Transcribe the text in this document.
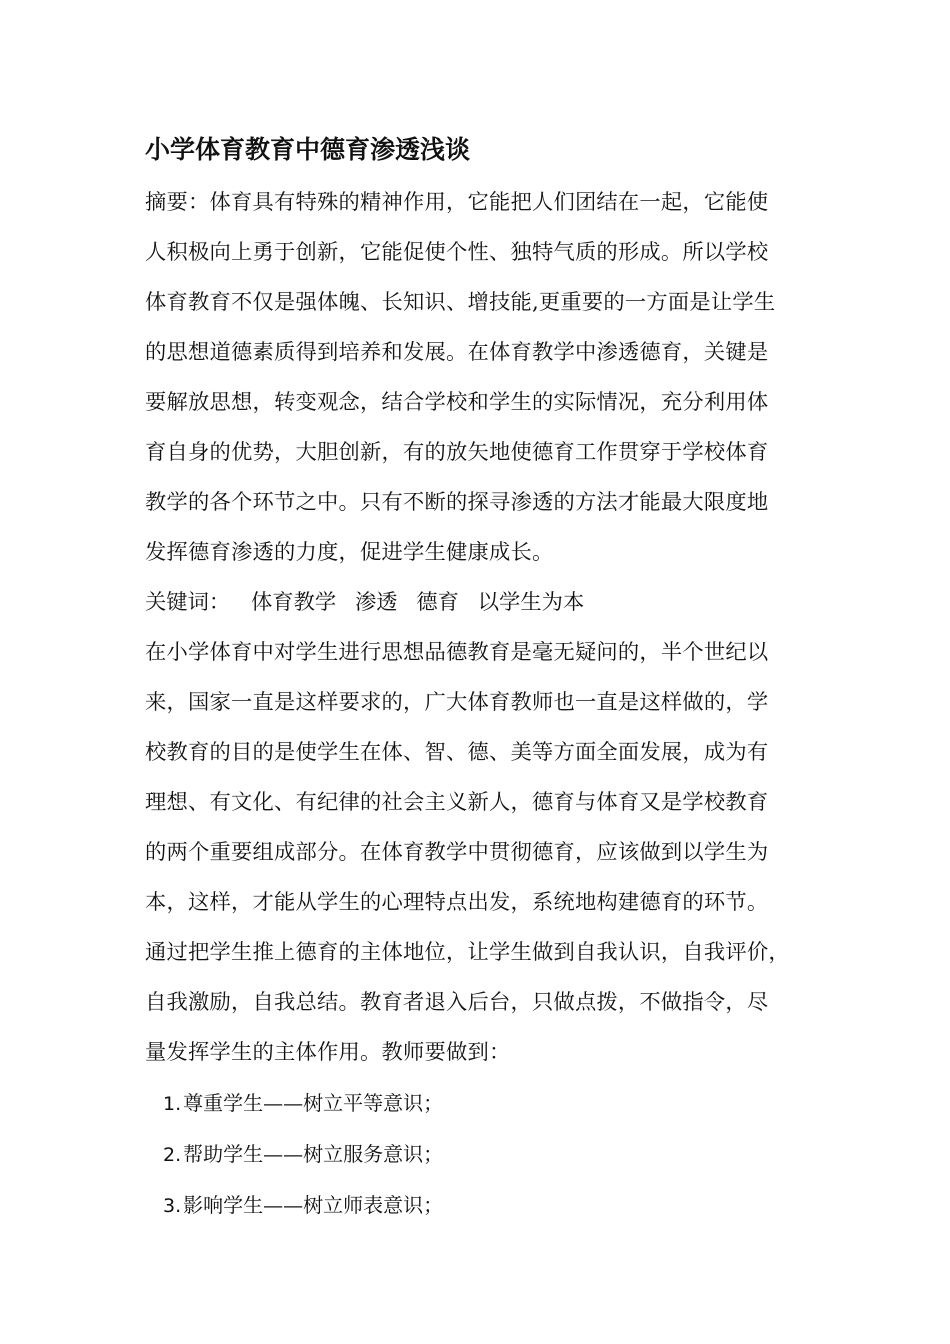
小学体育教育中德育渗透浅谈

摘要：体育具有特殊的精神作用，它能把人们团结在一起，它能使
人积极向上勇于创新，它能促使个性、独特气质的形成。所以学校
体育教育不仅是强体魄、长知识、增技能,更重要的一方面是让学生
的思想道德素质得到培养和发展。在体育教学中渗透德育，关键是
要解放思想，转变观念，结合学校和学生的实际情况，充分利用体
育自身的优势，大胆创新，有的放矢地使德育工作贯穿于学校体育
教学的各个环节之中。只有不断的探寻渗透的方法才能最大限度地
发挥德育渗透的力度，促进学生健康成长。

关键词： 体育教学 渗透 德育 以学生为本

在小学体育中对学生进行思想品德教育是毫无疑问的，半个世纪以
来，国家一直是这样要求的，广大体育教师也一直是这样做的，学
校教育的目的是使学生在体、智、德、美等方面全面发展，成为有
理想、有文化、有纪律的社会主义新人，德育与体育又是学校教育
的两个重要组成部分。在体育教学中贯彻德育，应该做到以学生为
本，这样，才能从学生的心理特点出发，系统地构建德育的环节。
通过把学生推上德育的主体地位，让学生做到自我认识，自我评价，
自我激励，自我总结。教育者退入后台，只做点拨，不做指令，尽
量发挥学生的主体作用。教师要做到：

1. 尊重学生——树立平等意识；
2. 帮助学生——树立服务意识；
3. 影响学生——树立师表意识；
